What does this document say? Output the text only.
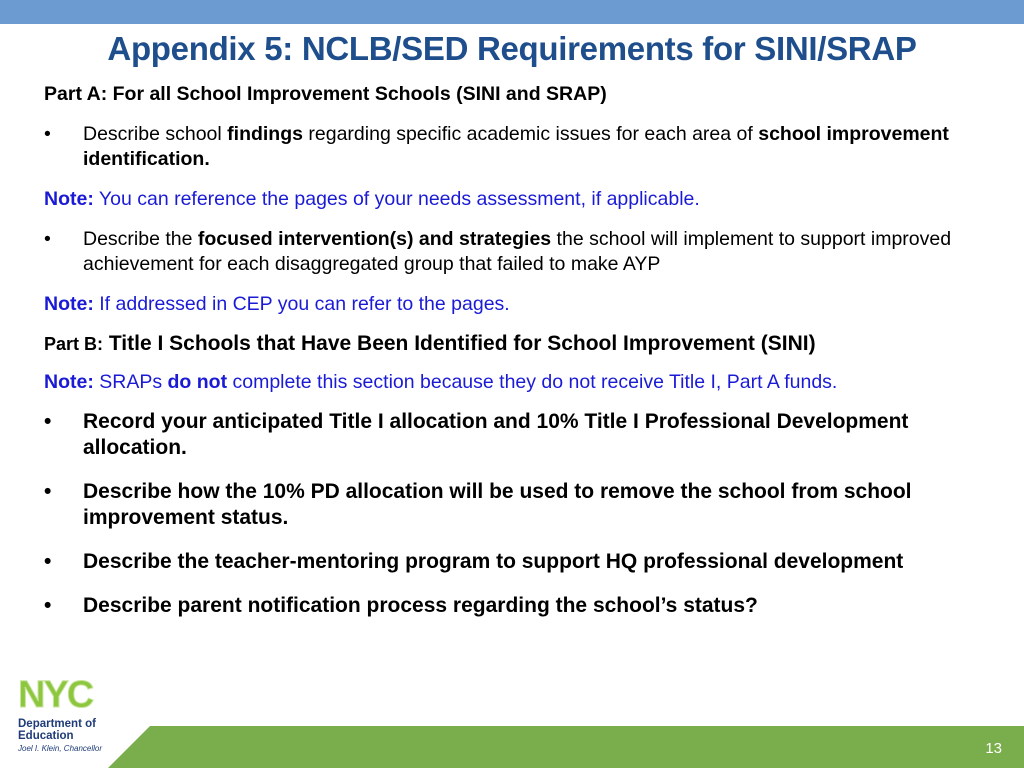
Appendix 5: NCLB/SED Requirements for SINI/SRAP

Part A: For all School Improvement Schools (SINI and SRAP)

• Describe school findings regarding specific academic issues for each area of school improvement identification.

Note: You can reference the pages of your needs assessment, if applicable.

• Describe the focused intervention(s) and strategies the school will implement to support improved achievement for each disaggregated group that failed to make AYP

Note: If addressed in CEP you can refer to the pages.

Part B: Title I Schools that Have Been Identified for School Improvement (SINI)

Note: SRAPs do not complete this section because they do not receive Title I, Part A funds.

• Record your anticipated Title I allocation and 10% Title I Professional Development allocation.
• Describe how the 10% PD allocation will be used to remove the school from school improvement status.
• Describe the teacher-mentoring program to support HQ professional development
• Describe parent notification process regarding the school’s status?
13
NYC
Department of Education
Joel I. Klein, Chancellor
